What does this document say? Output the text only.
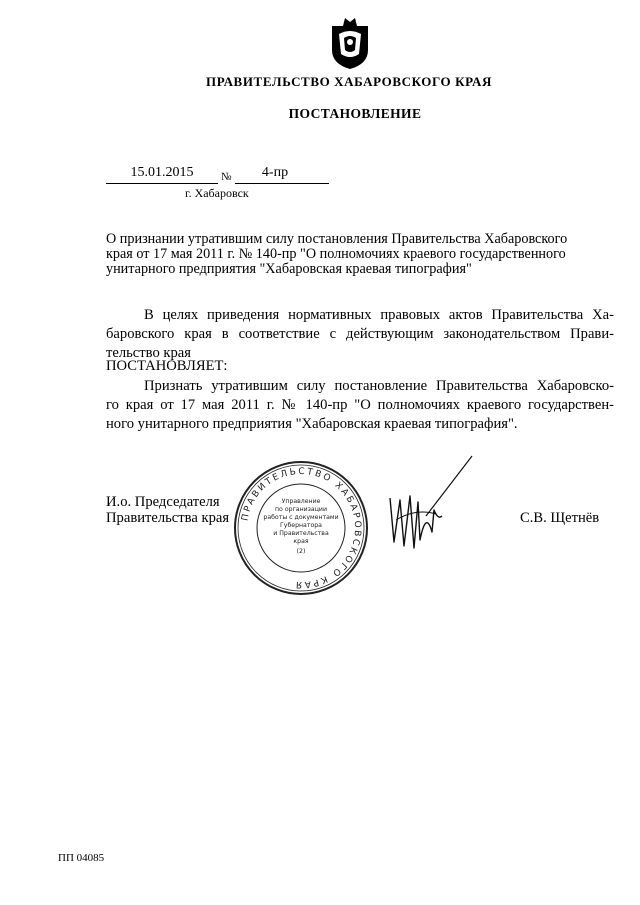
ПРАВИТЕЛЬСТВО ХАБАРОВСКОГО КРАЯ
ПОСТАНОВЛЕНИЕ
15.01.2015	№	4-пр
г. Хабаровск
О признании утратившим силу постановления Правительства Хабаровского
края от 17 мая 2011 г. № 140-пр "О полномочиях краевого государственного
унитарного предприятия "Хабаровская краевая типография"
В целях приведения нормативных правовых актов Правительства Ха-
баровского края в соответствие с действующим законодательством Прави-
тельство края
ПОСТАНОВЛЯЕТ:
Признать утратившим силу постановление Правительства Хабаровско-
го края от 17 мая 2011 г. № 140-пр "О полномочиях краевого государствен-
ного унитарного предприятия "Хабаровская краевая типография".
И.о. Председателя
Правительства края ПРАВИТЕЛЬСТВО ХАБАРОВСКОГО КРАЯ
Управление
по организации
работы с документами
Губернатора
и Правительства
края
(2)
С.В. Щетнёв
ПП 04085
